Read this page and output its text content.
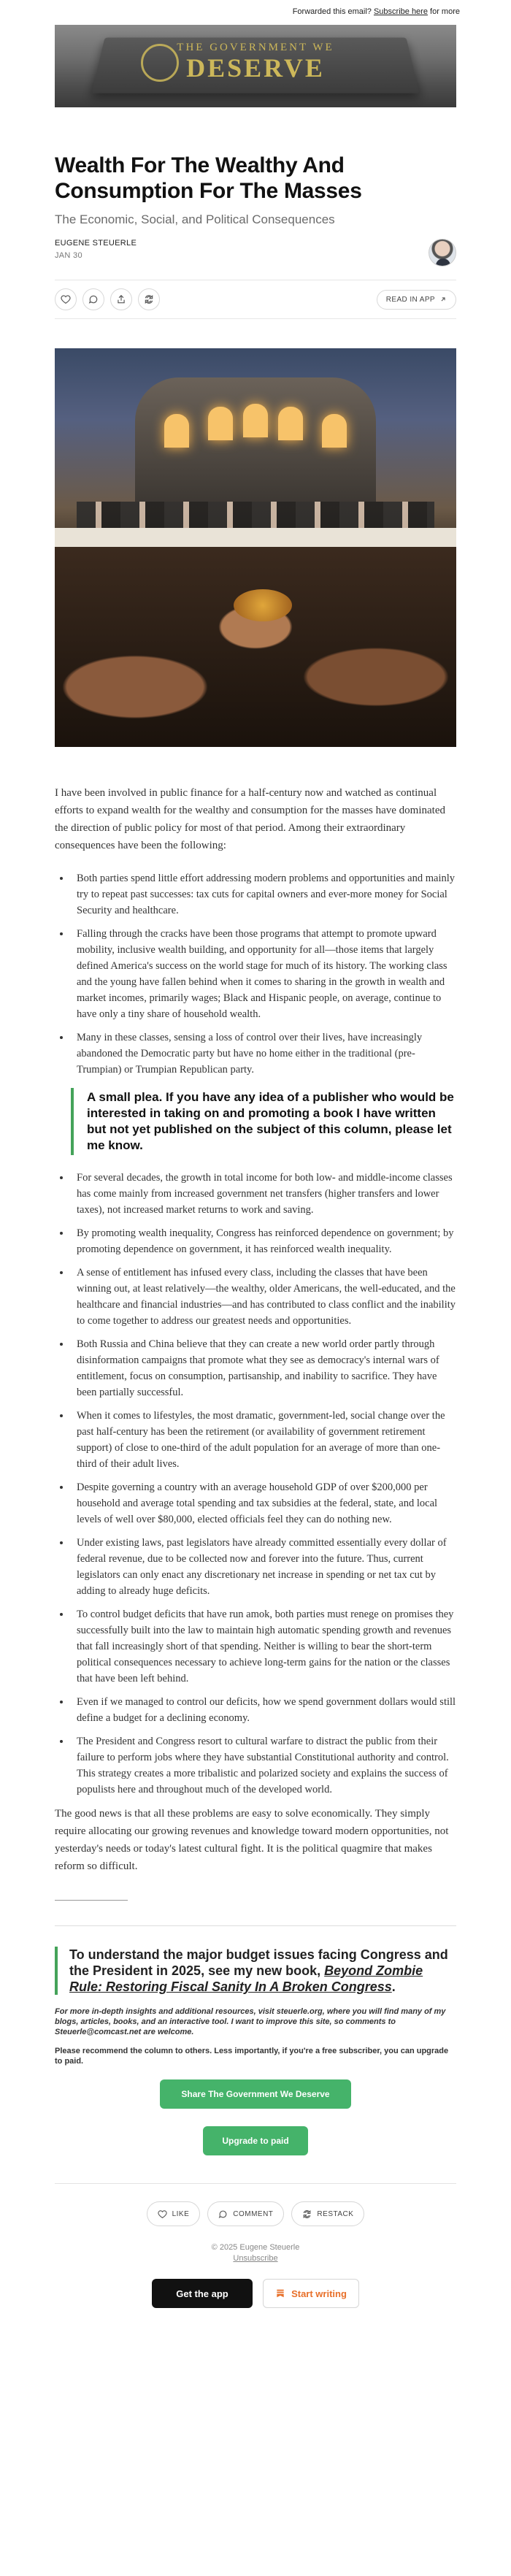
Forwarded this email? Subscribe here for more
THE GOVERNMENT WE
DESERVE
Wealth For The Wealthy And Consumption For The Masses
The Economic, Social, and Political Consequences
EUGENE STEUERLE
JAN 30
READ IN APP

I have been involved in public finance for a half-century now and watched as continual efforts to expand wealth for the wealthy and consumption for the masses have dominated the direction of public policy for most of that period. Among their extraordinary consequences have been the following:

• Both parties spend little effort addressing modern problems and opportunities and mainly try to repeat past successes: tax cuts for capital owners and ever-more money for Social Security and healthcare.
• Falling through the cracks have been those programs that attempt to promote upward mobility, inclusive wealth building, and opportunity for all—those items that largely defined America's success on the world stage for much of its history. The working class and the young have fallen behind when it comes to sharing in the growth in wealth and market incomes, primarily wages; Black and Hispanic people, on average, continue to have only a tiny share of household wealth.
• Many in these classes, sensing a loss of control over their lives, have increasingly abandoned the Democratic party but have no home either in the traditional (pre-Trumpian) or Trumpian Republican party.
A small plea. If you have any idea of a publisher who would be interested in taking on and promoting a book I have written but not yet published on the subject of this column, please let me know.
• For several decades, the growth in total income for both low- and middle-income classes has come mainly from increased government net transfers (higher transfers and lower taxes), not increased market returns to work and saving.
• By promoting wealth inequality, Congress has reinforced dependence on government; by promoting dependence on government, it has reinforced wealth inequality.
• A sense of entitlement has infused every class, including the classes that have been winning out, at least relatively—the wealthy, older Americans, the well-educated, and the healthcare and financial industries—and has contributed to class conflict and the inability to come together to address our greatest needs and opportunities.
• Both Russia and China believe that they can create a new world order partly through disinformation campaigns that promote what they see as democracy's internal wars of entitlement, focus on consumption, partisanship, and inability to sacrifice. They have been partially successful.
• When it comes to lifestyles, the most dramatic, government-led, social change over the past half-century has been the retirement (or availability of government retirement support) of close to one-third of the adult population for an average of more than one-third of their adult lives.
• Despite governing a country with an average household GDP of over $200,000 per household and average total spending and tax subsidies at the federal, state, and local levels of well over $80,000, elected officials feel they can do nothing new.
• Under existing laws, past legislators have already committed essentially every dollar of federal revenue, due to be collected now and forever into the future. Thus, current legislators can only enact any discretionary net increase in spending or net tax cut by adding to already huge deficits.
• To control budget deficits that have run amok, both parties must renege on promises they successfully built into the law to maintain high automatic spending growth and revenues that fall increasingly short of that spending. Neither is willing to bear the short-term political consequences necessary to achieve long-term gains for the nation or the classes that have been left behind.
• Even if we managed to control our deficits, how we spend government dollars would still define a budget for a declining economy.
• The President and Congress resort to cultural warfare to distract the public from their failure to perform jobs where they have substantial Constitutional authority and control. This strategy creates a more tribalistic and polarized society and explains the success of populists here and throughout much of the developed world.

The good news is that all these problems are easy to solve economically. They simply require allocating our growing revenues and knowledge toward modern opportunities, not yesterday's needs or today's latest cultural fight. It is the political quagmire that makes reform so difficult.

To understand the major budget issues facing Congress and the President in 2025, see my new book, Beyond Zombie Rule: Restoring Fiscal Sanity In A Broken Congress.

For more in-depth insights and additional resources, visit steuerle.org, where you will find many of my blogs, articles, books, and an interactive tool. I want to improve this site, so comments to Steuerle@comcast.net are welcome.

Please recommend the column to others. Less importantly, if you're a free subscriber, you can upgrade to paid.

Share The Government We Deserve
Upgrade to paid
LIKE	COMMENT	RESTACK
© 2025 Eugene Steuerle
Unsubscribe
Get the app	Start writing
